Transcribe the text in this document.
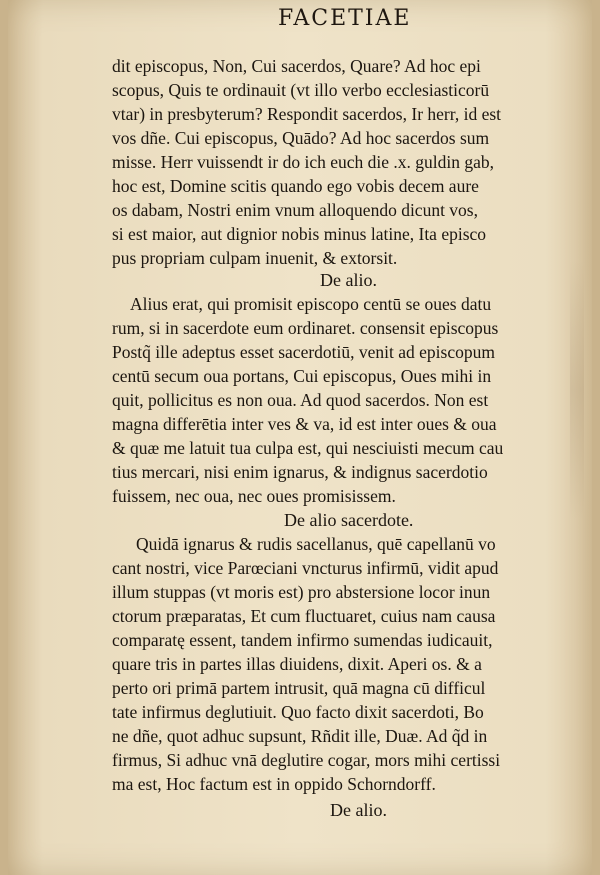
FACETIAE
dit episcopus, Non, Cui sacerdos, Quare? Ad hoc epi
scopus, Quis te ordinauit (vt illo verbo ecclesiasticorū
vtar) in presbyterum? Respondit sacerdos, Ir herr, id est
vos dñe. Cui episcopus, Quādo? Ad hoc sacerdos sum
misse. Herr vuissendt ir do ich euch die .x. guldin gab,
hoc est, Domine scitis quando ego vobis decem aure
os dabam, Nostri enim vnum alloquendo dicunt vos,
si est maior, aut dignior nobis minus latine, Ita episco
pus propriam culpam inuenit, & extorsit.
De alio.
Alius erat, qui promisit episcopo centū se oues datu
rum, si in sacerdote eum ordinaret. consensit episcopus
Postq̃ ille adeptus esset sacerdotiū, venit ad episcopum
centū secum oua portans, Cui episcopus, Oues mihi in
quit, pollicitus es non oua. Ad quod sacerdos. Non est
magna differētia inter ves & va, id est inter oues & oua
& quæ me latuit tua culpa est, qui nesciuisti mecum cau
tius mercari, nisi enim ignarus, & indignus sacerdotio
fuissem, nec oua, nec oues promisissem.
De alio sacerdote.
Quidā ignarus & rudis sacellanus, quē capellanū vo
cant nostri, vice Parœciani vncturus infirmū, vidit apud
illum stuppas (vt moris est) pro abstersione locor inun
ctorum præparatas, Et cum fluctuaret, cuius nam causa
comparatę essent, tandem infirmo sumendas iudicauit,
quare tris in partes illas diuidens, dixit. Aperi os. & a
perto ori primā partem intrusit, quā magna cū difficul
tate infirmus deglutiuit. Quo facto dixit sacerdoti, Bo
ne dñe, quot adhuc supsunt, Rñdit ille, Duæ. Ad q̃d in
firmus, Si adhuc vnā deglutire cogar, mors mihi certissi
ma est, Hoc factum est in oppido Schorndorff.
De alio.
